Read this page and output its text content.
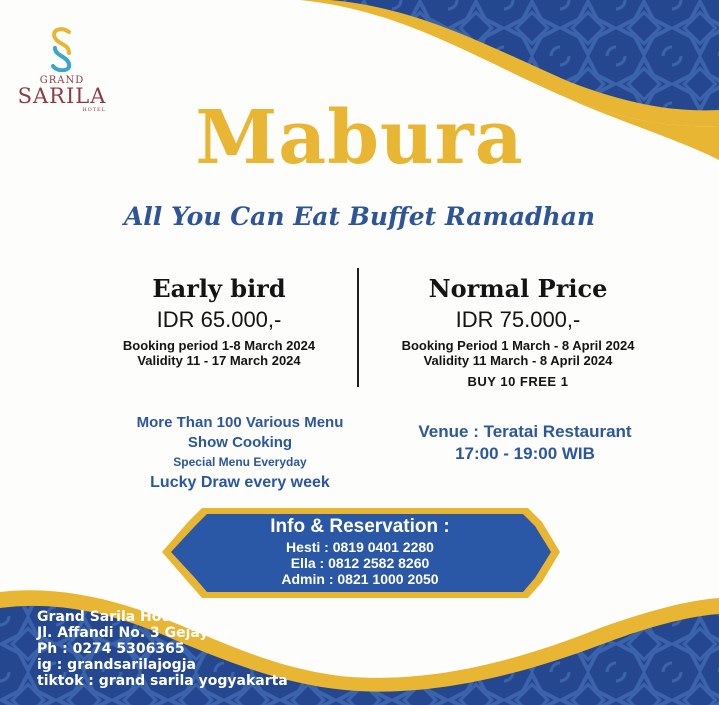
GRAND
SARILA
HOTEL	Mabura
All You Can Eat Buffet Ramadhan
Early bird
IDR 65.000,-
Booking period 1-8 March 2024
Validity 11 - 17 March 2024
Normal Price
IDR 75.000,-
Booking Period 1 March - 8 April 2024
Validity 11 March - 8 April 2024
BUY 10 FREE 1
More Than 100 Various Menu
Show Cooking
Special Menu Everyday
Lucky Draw every week
Venue : Teratai Restaurant
17:00 - 19:00 WIB
Info & Reservation :
Hesti : 0819 0401 2280
Ella : 0812 2582 8260
Admin : 0821 1000 2050
Grand Sarila Hotel
Jl. Affandi No. 3 Gejayan
Ph : 0274 5306365
ig : grandsarilajogja
tiktok : grand sarila yogyakarta
